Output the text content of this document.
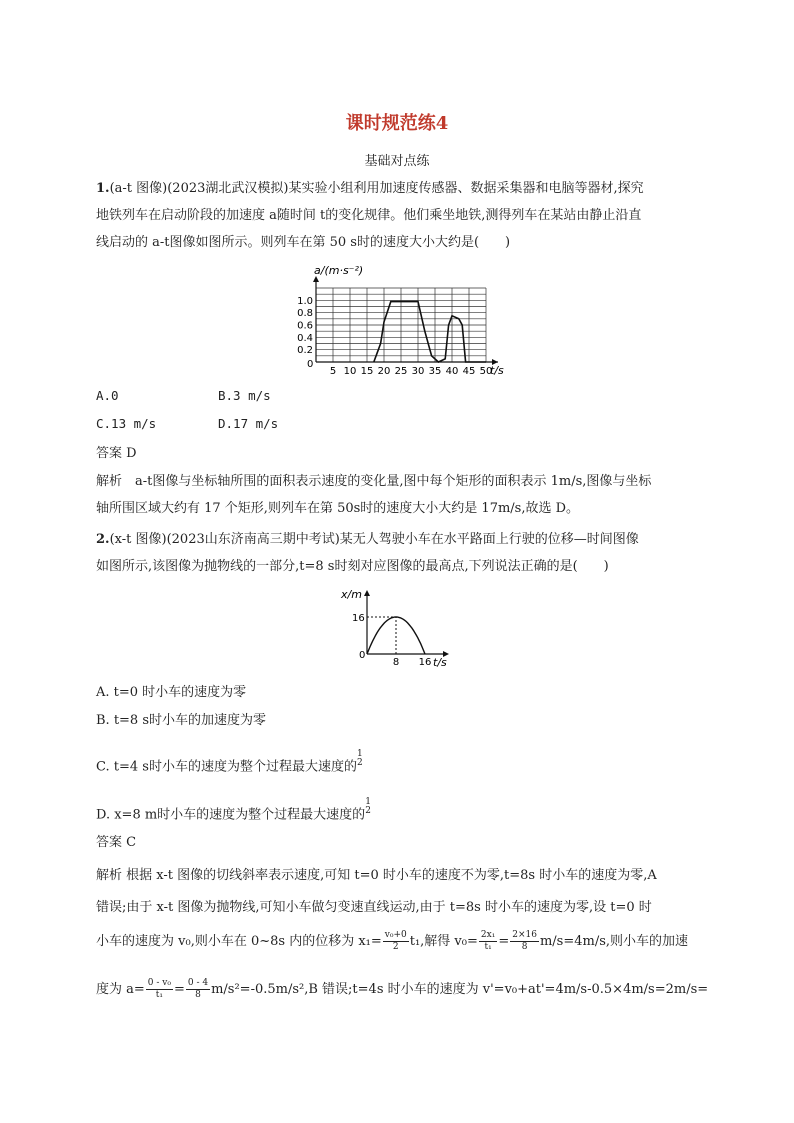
课时规范练4
基础对点练
1.(a-t 图像)(2023湖北武汉模拟)某实验小组利用加速度传感器、数据采集器和电脑等器材,探究
地铁列车在启动阶段的加速度 a随时间 t的变化规律。他们乘坐地铁,测得列车在某站由静止沿直
线启动的 a-t图像如图所示。则列车在第 50 s时的速度大小大约是(　　)
a/(m·s⁻²)
t/s
0
0.2
0.4
0.6
0.8
1.0
5 10 15 20 25 30 35 40 45 50
A.0	B.3 m/s
C.13 m/s	D.17 m/s
答案 D
解析　a-t图像与坐标轴所围的面积表示速度的变化量,图中每个矩形的面积表示 1m/s,图像与坐标
轴所围区域大约有 17 个矩形,则列车在第 50s时的速度大小大约是 17m/s,故选 D。
2.(x-t 图像)(2023山东济南高三期中考试)某无人驾驶小车在水平路面上行驶的位移—时间图像
如图所示,该图像为抛物线的一部分,t=8 s时刻对应图像的最高点,下列说法正确的是(　　)
x/m
t/s
0
16
8 16
A. t=0 时小车的速度为零
B. t=8 s时小车的加速度为零
C. t=4 s时小车的速度为整个过程最大速度的
1
2
D. x=8 m时小车的速度为整个过程最大速度的
1
2
答案 C
解析 根据 x-t 图像的切线斜率表示速度,可知 t=0 时小车的速度不为零,t=8s 时小车的速度为零,A
错误;由于 x-t 图像为抛物线,可知小车做匀变速直线运动,由于 t=8s 时小车的速度为零,设 t=0 时
小车的速度为 v₀,则小车在 0~8s 内的位移为 $x_1= \frac{\text{v₀+0}}{2} t_1$,解得 $v_0= \frac{\text{2x₁}}{\text{t₁}} = \frac{2\times 16}{8} m/s=4m/s$,则小车的加速
度为 $a= \frac{\text{0 - v₀}}{\text{t₁}} = \frac{0 - 4}{8} m/s^2=-0.5m/s^2,B$ 错误;t=4s 时小车的速度为 v'=v₀+at'=4m/s-0.5×4m/s=2m/s=
